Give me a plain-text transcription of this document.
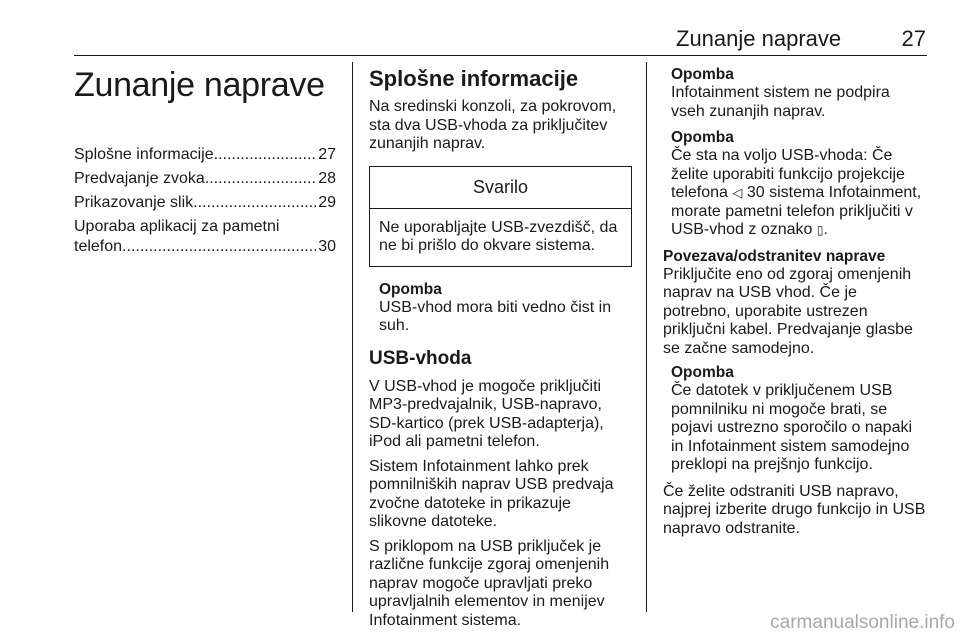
Zunanje naprave	27
Zunanje naprave
Splošne informacije .....	27
Predvajanje zvoka .....	28
Prikazovanje slik .....	29
Uporaba aplikacij za pametni
telefon .....	30
Splošne informacije
Na sredinski konzoli, za pokrovom, sta dva USB-vhoda za priključitev zunanjih naprav.
Svarilo
Ne uporabljajte USB-zvezdišč, da ne bi prišlo do okvare sistema.
Opomba
USB-vhod mora biti vedno čist in suh.
USB-vhoda
V USB-vhod je mogoče priključiti MP3-predvajalnik, USB-napravo, SD-kartico (prek USB-adapterja), iPod ali pametni telefon.
Sistem Infotainment lahko prek pomnilniških naprav USB predvaja zvočne datoteke in prikazuje slikovne datoteke.
S priklopom na USB priključek je različne funkcije zgoraj omenjenih naprav mogoče upravljati preko upravljalnih elementov in menijev Infotainment sistema.
Opomba
Infotainment sistem ne podpira vseh zunanjih naprav.
Opomba
Če sta na voljo USB-vhoda: Če želite uporabiti funkcijo projekcije telefona ◁ 30 sistema Infotainment, morate pametni telefon priključiti v USB-vhod z oznako ▯.
Povezava/odstranitev naprave
Priključite eno od zgoraj omenjenih naprav na USB vhod. Če je potrebno, uporabite ustrezen priključni kabel. Predvajanje glasbe se začne samodejno.
Opomba
Če datotek v priključenem USB pomnilniku ni mogoče brati, se pojavi ustrezno sporočilo o napaki in Infotainment sistem samodejno preklopi na prejšnjo funkcijo.
Če želite odstraniti USB napravo, najprej izberite drugo funkcijo in USB napravo odstranite.
carmanualsonline.info
